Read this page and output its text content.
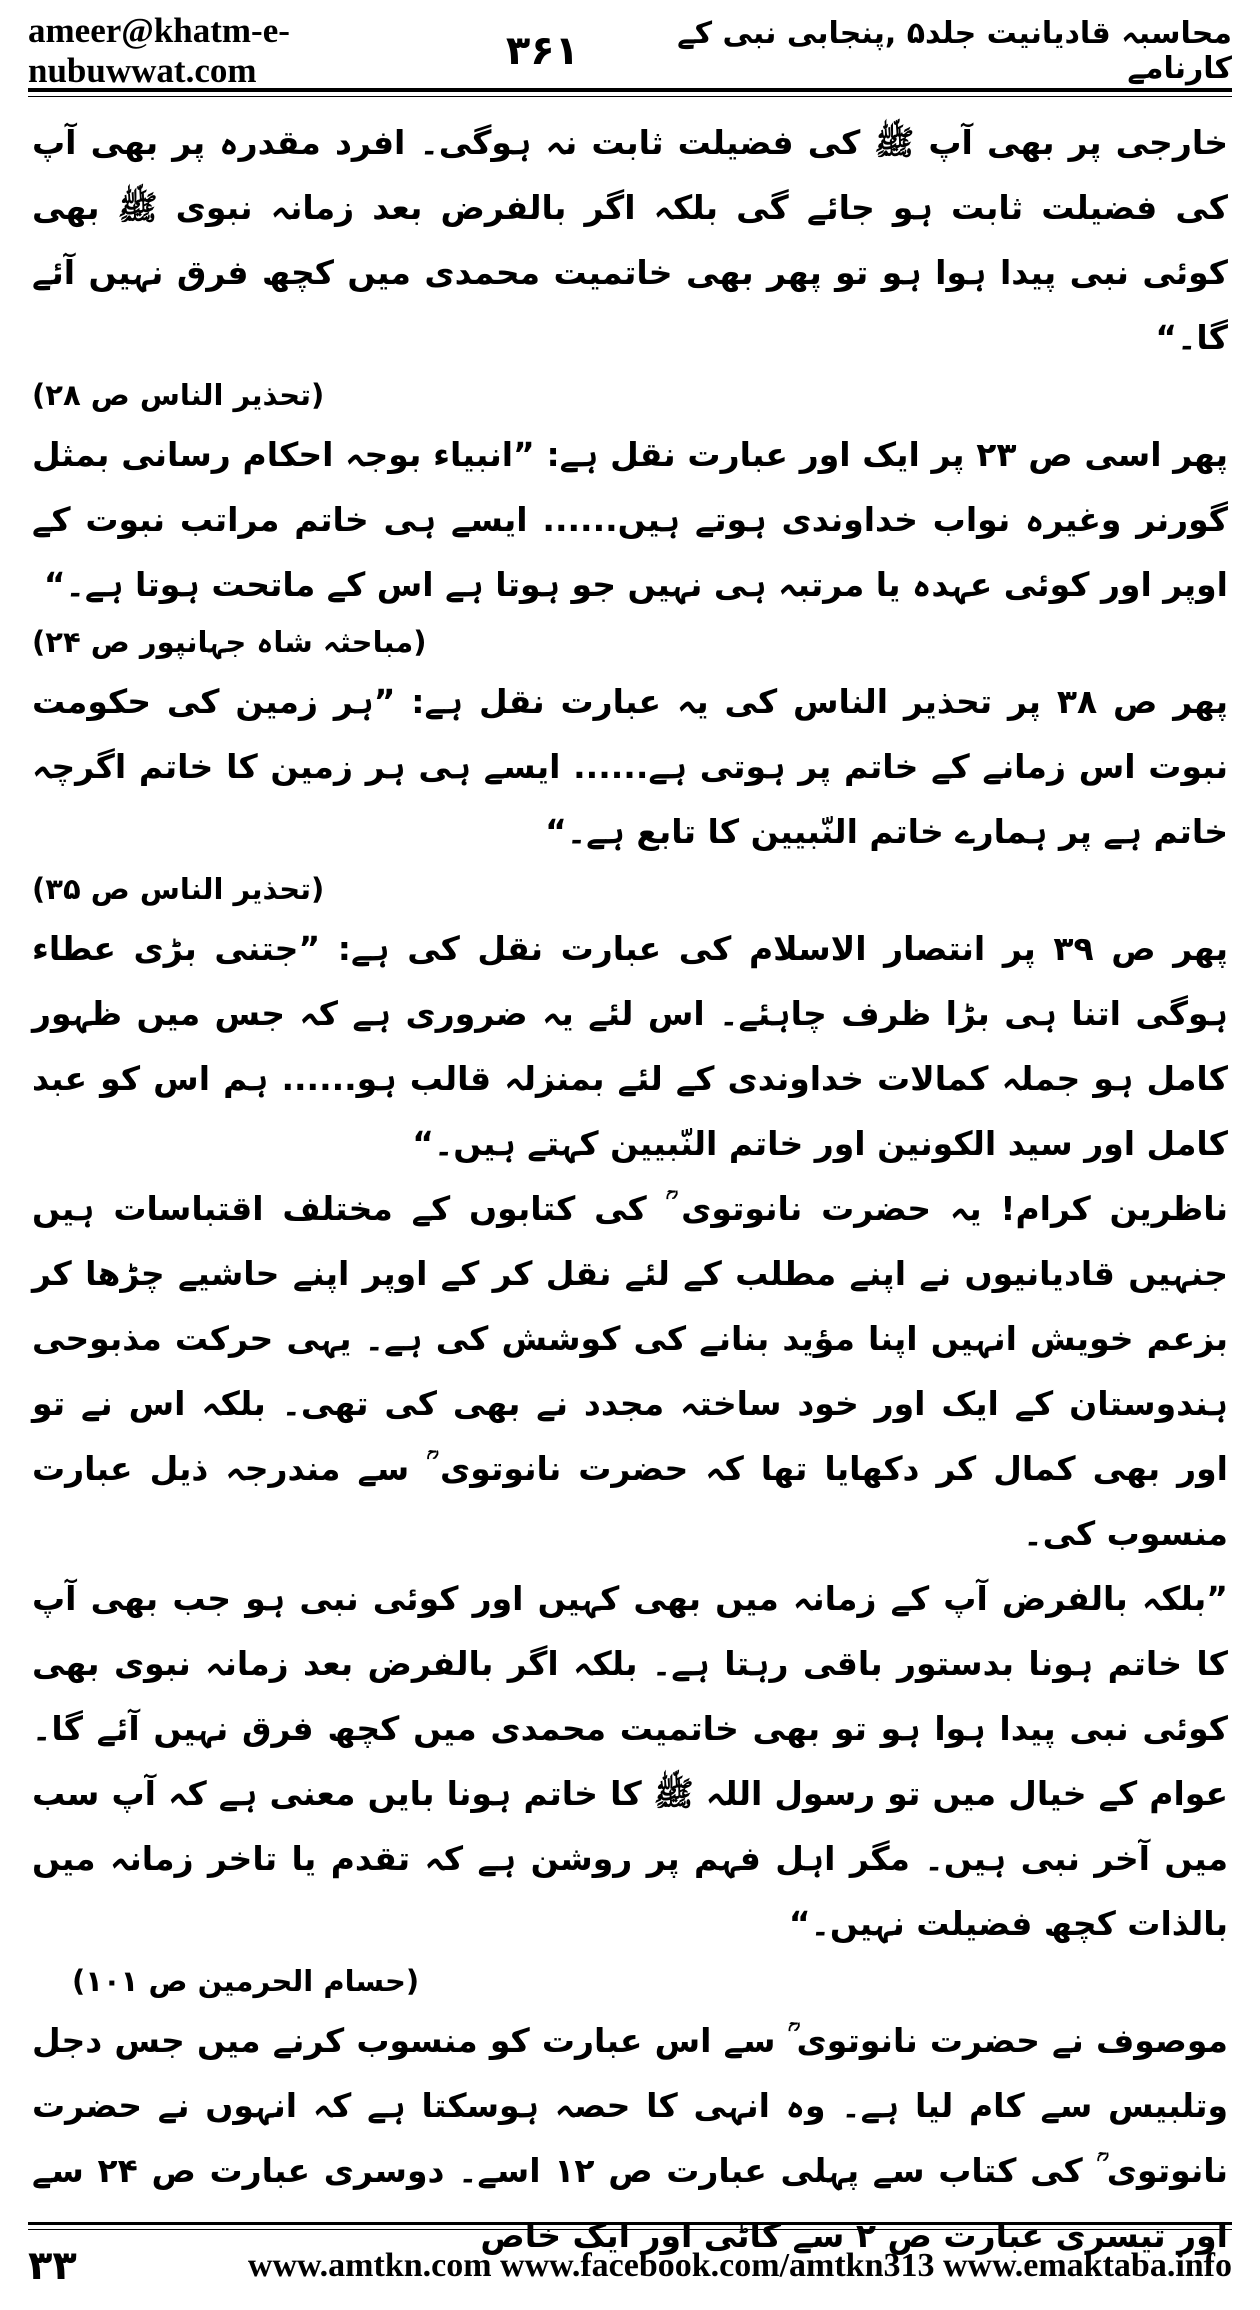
ameer@khatm-e-nubuwwat.com	۳۶۱	محاسبہ قادیانیت جلد۵ ,پنجابی نبی کے کارنامے

خارجی پر بھی آپ ﷺ کی فضیلت ثابت نہ ہوگی۔ افرد مقدرہ پر بھی آپ کی فضیلت ثابت ہو جائے گی بلکہ اگر بالفرض بعد زمانہ نبوی ﷺ بھی کوئی نبی پیدا ہوا ہو تو پھر بھی خاتمیت محمدی میں کچھ فرق نہیں آئے گا۔“

(تحذیر الناس ص ۲۸)

پھر اسی ص ۲۳ پر ایک اور عبارت نقل ہے: ”انبیاء بوجہ احکام رسانی بمثل گورنر وغیرہ نواب خداوندی ہوتے ہیں...... ایسے ہی خاتم مراتب نبوت کے اوپر اور کوئی عہدہ یا مرتبہ ہی نہیں جو ہوتا ہے اس کے ماتحت ہوتا ہے۔“

(مباحثہ شاہ جہانپور ص ۲۴)

پھر ص ۳۸ پر تحذیر الناس کی یہ عبارت نقل ہے: ”ہر زمین کی حکومت نبوت اس زمانے کے خاتم پر ہوتی ہے...... ایسے ہی ہر زمین کا خاتم اگرچہ خاتم ہے پر ہمارے خاتم النّبیین کا تابع ہے۔“

(تحذیر الناس ص ۳۵)

پھر ص ۳۹ پر انتصار الاسلام کی عبارت نقل کی ہے: ”جتنی بڑی عطاء ہوگی اتنا ہی بڑا ظرف چاہئے۔ اس لئے یہ ضروری ہے کہ جس میں ظہور کامل ہو جملہ کمالات خداوندی کے لئے بمنزلہ قالب ہو...... ہم اس کو عبد کامل اور سید الکونین اور خاتم النّبیین کہتے ہیں۔“

ناظرین کرام! یہ حضرت نانوتوی ؒ کی کتابوں کے مختلف اقتباسات ہیں جنہیں قادیانیوں نے اپنے مطلب کے لئے نقل کر کے اوپر اپنے حاشیے چڑھا کر بزعم خویش انہیں اپنا مؤید بنانے کی کوشش کی ہے۔ یہی حرکت مذبوحی ہندوستان کے ایک اور خود ساختہ مجدد نے بھی کی تھی۔ بلکہ اس نے تو اور بھی کمال کر دکھایا تھا کہ حضرت نانوتوی ؒ سے مندرجہ ذیل عبارت منسوب کی۔

”بلکہ بالفرض آپ کے زمانہ میں بھی کہیں اور کوئی نبی ہو جب بھی آپ کا خاتم ہونا بدستور باقی رہتا ہے۔ بلکہ اگر بالفرض بعد زمانہ نبوی بھی کوئی نبی پیدا ہوا ہو تو بھی خاتمیت محمدی میں کچھ فرق نہیں آئے گا۔ عوام کے خیال میں تو رسول اللہ ﷺ کا خاتم ہونا بایں معنی ہے کہ آپ سب میں آخر نبی ہیں۔ مگر اہل فہم پر روشن ہے کہ تقدم یا تاخر زمانہ میں بالذات کچھ فضیلت نہیں۔“

(حسام الحرمین ص ۱۰۱)

موصوف نے حضرت نانوتوی ؒ سے اس عبارت کو منسوب کرنے میں جس دجل وتلبیس سے کام لیا ہے۔ وہ انہی کا حصہ ہوسکتا ہے کہ انہوں نے حضرت نانوتوی ؒ کی کتاب سے پہلی عبارت ص ۱۲ اسے۔ دوسری عبارت ص ۲۴ سے اور تیسری عبارت ص ۲ سے کاٹی اور ایک خاص

۳۳	www.amtkn.com www.facebook.com/amtkn313 www.emaktaba.info
